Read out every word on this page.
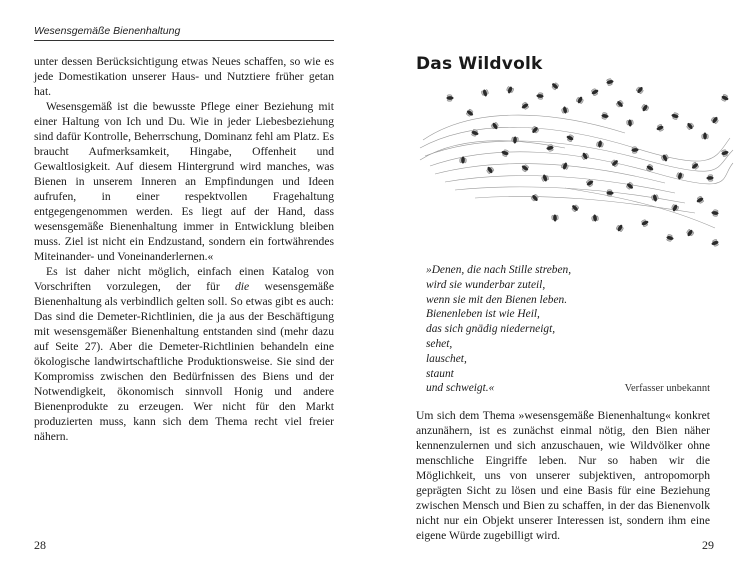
Wesensgemäße Bienenhaltung

unter dessen Berücksichtigung etwas Neues schaffen, so wie es jede Domestikation unserer Haus- und Nutztiere früher getan hat.

Wesensgemäß ist die bewusste Pflege einer Beziehung mit einer Haltung von Ich und Du. Wie in jeder Liebesbeziehung sind dafür Kontrolle, Beherrschung, Dominanz fehl am Platz. Es braucht Aufmerksamkeit, Hingabe, Offenheit und Gewaltlosigkeit. Auf diesem Hintergrund wird manches, was Bienen in unserem Inneren an Empfindungen und Ideen aufrufen, in einer respektvollen Fragehaltung entgegengenommen werden. Es liegt auf der Hand, dass wesensgemäße Bienenhaltung immer in Entwicklung bleiben muss. Ziel ist nicht ein Endzustand, sondern ein fortwährendes Miteinander- und Voneinanderlernen.«

Es ist daher nicht möglich, einfach einen Katalog von Vorschriften vorzulegen, der für die wesensgemäße Bienenhaltung als verbindlich gelten soll. So etwas gibt es auch: Das sind die Demeter-Richtlinien, die ja aus der Beschäftigung mit wesensgemäßer Bienenhaltung entstanden sind (mehr dazu auf Seite 27). Aber die Demeter-Richtlinien behandeln eine ökologische landwirtschaftliche Produktionsweise. Sie sind der Kompromiss zwischen den Bedürfnissen des Biens und der Notwendigkeit, ökonomisch sinnvoll Honig und andere Bienenprodukte zu erzeugen. Wer nicht für den Markt produzierten muss, kann sich dem Thema recht viel freier nähern.

28
Das Wildvolk
»Denen, die nach Stille streben,
wird sie wunderbar zuteil,
wenn sie mit den Bienen leben.
Bienenleben ist wie Heil,
das sich gnädig niederneigt,
sehet,
lauschet,
staunt
und schweigt.«	Verfasser unbekannt

Um sich dem Thema »wesensgemäße Bienenhaltung« konkret anzunähern, ist es zunächst einmal nötig, den Bien näher kennenzulernen und sich anzuschauen, wie Wildvölker ohne menschliche Eingriffe leben. Nur so haben wir die Möglichkeit, uns von unserer subjektiven, antropomorph geprägten Sicht zu lösen und eine Basis für eine Beziehung zwischen Mensch und Bien zu schaffen, in der das Bienenvolk nicht nur ein Objekt unserer Interessen ist, sondern ihm eine eigene Würde zugebilligt wird.

29
